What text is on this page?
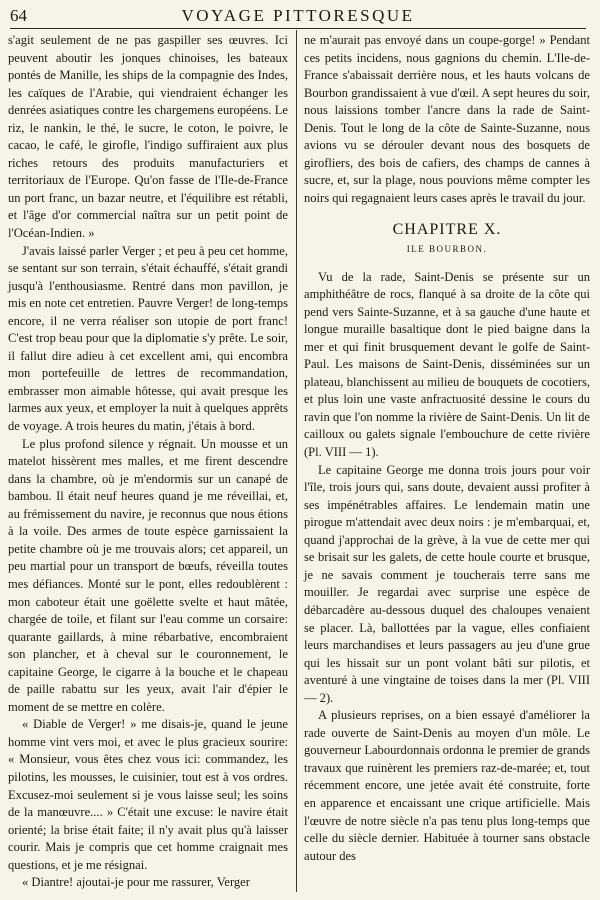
64	VOYAGE PITTORESQUE

s'agit seulement de ne pas gaspiller ses œuvres. Ici peuvent aboutir les jonques chinoises, les bateaux pontés de Manille, les ships de la compagnie des Indes, les caïques de l'Arabie, qui viendraient échanger les denrées asiatiques contre les chargemens européens. Le riz, le nankin, le thé, le sucre, le coton, le poivre, le cacao, le café, le girofle, l'indigo suffiraient aux plus riches retours des produits manufacturiers et territoriaux de l'Europe. Qu'on fasse de l'Ile-de-France un port franc, un bazar neutre, et l'équilibre est rétabli, et l'âge d'or commercial naîtra sur un petit point de l'Océan-Indien. »

J'avais laissé parler Verger ; et peu à peu cet homme, se sentant sur son terrain, s'était échauffé, s'était grandi jusqu'à l'enthousiasme. Rentré dans mon pavillon, je mis en note cet entretien. Pauvre Verger! de long-temps encore, il ne verra réaliser son utopie de port franc! C'est trop beau pour que la diplomatie s'y prête. Le soir, il fallut dire adieu à cet excellent ami, qui encombra mon portefeuille de lettres de recommandation, embrasser mon aimable hôtesse, qui avait presque les larmes aux yeux, et employer la nuit à quelques apprêts de voyage. A trois heures du matin, j'étais à bord.

Le plus profond silence y régnait. Un mousse et un matelot hissèrent mes malles, et me firent descendre dans la chambre, où je m'endormis sur un canapé de bambou. Il était neuf heures quand je me réveillai, et, au frémissement du navire, je reconnus que nous étions à la voile. Des armes de toute espèce garnissaient la petite chambre où je me trouvais alors; cet appareil, un peu martial pour un transport de bœufs, réveilla toutes mes défiances. Monté sur le pont, elles redoublèrent : mon caboteur était une goëlette svelte et haut mâtée, chargée de toile, et filant sur l'eau comme un corsaire: quarante gaillards, à mine rébarbative, encombraient son plancher, et à cheval sur le couronnement, le capitaine George, le cigarre à la bouche et le chapeau de paille rabattu sur les yeux, avait l'air d'épier le moment de se mettre en colère.

« Diable de Verger! » me disais-je, quand le jeune homme vint vers moi, et avec le plus gracieux sourire: « Monsieur, vous êtes chez vous ici: commandez, les pilotins, les mousses, le cuisinier, tout est à vos ordres. Excusez-moi seulement si je vous laisse seul; les soins de la manœuvre.... » C'était une excuse: le navire était orienté; la brise était faite; il n'y avait plus qu'à laisser courir. Mais je compris que cet homme craignait mes questions, et je me résignai.

« Diantre! ajoutai-je pour me rassurer, Verger

ne m'aurait pas envoyé dans un coupe-gorge! » Pendant ces petits incidens, nous gagnions du chemin. L'Ile-de-France s'abaissait derrière nous, et les hauts volcans de Bourbon grandissaient à vue d'œil. A sept heures du soir, nous laissions tomber l'ancre dans la rade de Saint-Denis. Tout le long de la côte de Sainte-Suzanne, nous avions vu se dérouler devant nous des bosquets de girofliers, des bois de cafiers, des champs de cannes à sucre, et, sur la plage, nous pouvions même compter les noirs qui regagnaient leurs cases après le travail du jour.

CHAPITRE X.
ILE BOURBON.

Vu de la rade, Saint-Denis se présente sur un amphithéâtre de rocs, flanqué à sa droite de la côte qui pend vers Sainte-Suzanne, et à sa gauche d'une haute et longue muraille basaltique dont le pied baigne dans la mer et qui finit brusquement devant le golfe de Saint-Paul. Les maisons de Saint-Denis, disséminées sur un plateau, blanchissent au milieu de bouquets de cocotiers, et plus loin une vaste anfractuosité dessine le cours du ravin que l'on nomme la rivière de Saint-Denis. Un lit de cailloux ou galets signale l'embouchure de cette rivière (Pl. VIII — 1).

Le capitaine George me donna trois jours pour voir l'île, trois jours qui, sans doute, devaient aussi profiter à ses impénétrables affaires. Le lendemain matin une pirogue m'attendait avec deux noirs : je m'embarquai, et, quand j'approchai de la grève, à la vue de cette mer qui se brisait sur les galets, de cette houle courte et brusque, je ne savais comment je toucherais terre sans me mouiller. Je regardai avec surprise une espèce de débarcadère au-dessous duquel des chaloupes venaient se placer. Là, ballottées par la vague, elles confiaient leurs marchandises et leurs passagers au jeu d'une grue qui les hissait sur un pont volant bâti sur pilotis, et aventuré à une vingtaine de toises dans la mer (Pl. VIII — 2).

A plusieurs reprises, on a bien essayé d'améliorer la rade ouverte de Saint-Denis au moyen d'un môle. Le gouverneur Labourdonnais ordonna le premier de grands travaux que ruinèrent les premiers raz-de-marée; et, tout récemment encore, une jetée avait été construite, forte en apparence et encaissant une crique artificielle. Mais l'œuvre de notre siècle n'a pas tenu plus long-temps que celle du siècle dernier. Habituée à tourner sans obstacle autour des
